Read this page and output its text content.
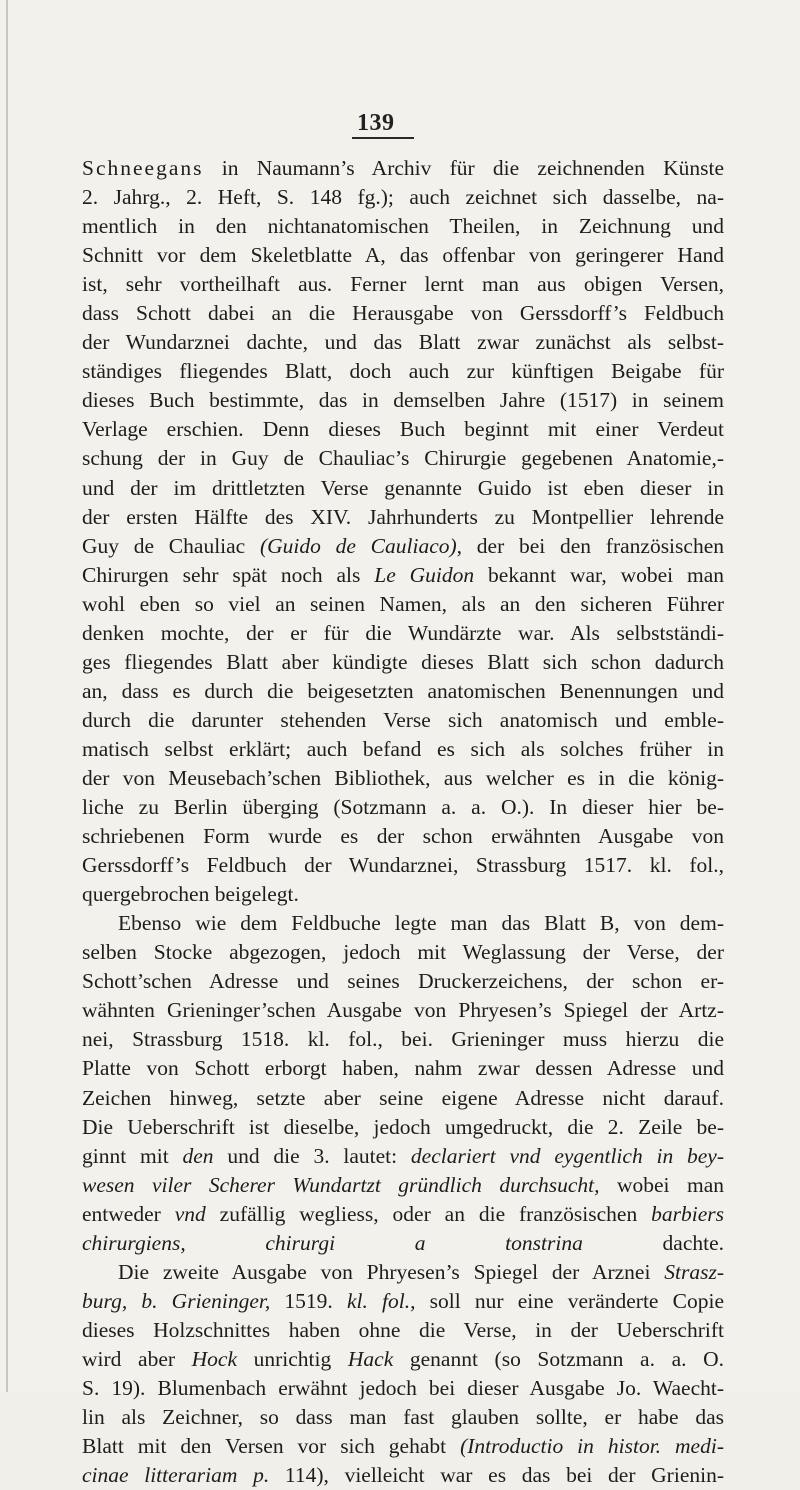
139
Schneegans in Naumann’s Archiv für die zeichnenden Künste
2. Jahrg., 2. Heft, S. 148 fg.); auch zeichnet sich dasselbe, na-
mentlich in den nichtanatomischen Theilen, in Zeichnung und
Schnitt vor dem Skeletblatte A, das offenbar von geringerer Hand
ist, sehr vortheilhaft aus. Ferner lernt man aus obigen Versen,
dass Schott dabei an die Herausgabe von Gerssdorff’s Feldbuch
der Wundarznei dachte, und das Blatt zwar zunächst als selbst-
ständiges fliegendes Blatt, doch auch zur künftigen Beigabe für
dieses Buch bestimmte, das in demselben Jahre (1517) in seinem
Verlage erschien. Denn dieses Buch beginnt mit einer Verdeut
schung der in Guy de Chauliac’s Chirurgie gegebenen Anatomie,-
und der im drittletzten Verse genannte Guido ist eben dieser in
der ersten Hälfte des XIV. Jahrhunderts zu Montpellier lehrende
Guy de Chauliac (Guido de Cauliaco), der bei den französischen
Chirurgen sehr spät noch als Le Guidon bekannt war, wobei man
wohl eben so viel an seinen Namen, als an den sicheren Führer
denken mochte, der er für die Wundärzte war. Als selbstständi-
ges fliegendes Blatt aber kündigte dieses Blatt sich schon dadurch
an, dass es durch die beigesetzten anatomischen Benennungen und
durch die darunter stehenden Verse sich anatomisch und emble-
matisch selbst erklärt; auch befand es sich als solches früher in
der von Meusebach’schen Bibliothek, aus welcher es in die könig-
liche zu Berlin überging (Sotzmann a. a. O.). In dieser hier be-
schriebenen Form wurde es der schon erwähnten Ausgabe von
Gerssdorff’s Feldbuch der Wundarznei, Strassburg 1517. kl. fol.,
quergebrochen beigelegt.
Ebenso wie dem Feldbuche legte man das Blatt B, von dem-
selben Stocke abgezogen, jedoch mit Weglassung der Verse, der
Schott’schen Adresse und seines Druckerzeichens, der schon er-
wähnten Grieninger’schen Ausgabe von Phryesen’s Spiegel der Artz-
nei, Strassburg 1518. kl. fol., bei. Grieninger muss hierzu die
Platte von Schott erborgt haben, nahm zwar dessen Adresse und
Zeichen hinweg, setzte aber seine eigene Adresse nicht darauf.
Die Ueberschrift ist dieselbe, jedoch umgedruckt, die 2. Zeile be-
ginnt mit den und die 3. lautet: declariert vnd eygentlich in bey-
wesen viler Scherer Wundartzt gründlich durchsucht, wobei man
entweder vnd zufällig wegliess, oder an die französischen barbiers
chirurgiens, chirurgi a tonstrina dachte.
Die zweite Ausgabe von Phryesen’s Spiegel der Arznei Strasz-
burg, b. Grieninger, 1519. kl. fol., soll nur eine veränderte Copie
dieses Holzschnittes haben ohne die Verse, in der Ueberschrift
wird aber Hock unrichtig Hack genannt (so Sotzmann a. a. O.
S. 19). Blumenbach erwähnt jedoch bei dieser Ausgabe Jo. Waecht-
lin als Zeichner, so dass man fast glauben sollte, er habe das
Blatt mit den Versen vor sich gehabt (Introductio in histor. medi-
cinae litterariam p. 114), vielleicht war es das bei der Grienin-
